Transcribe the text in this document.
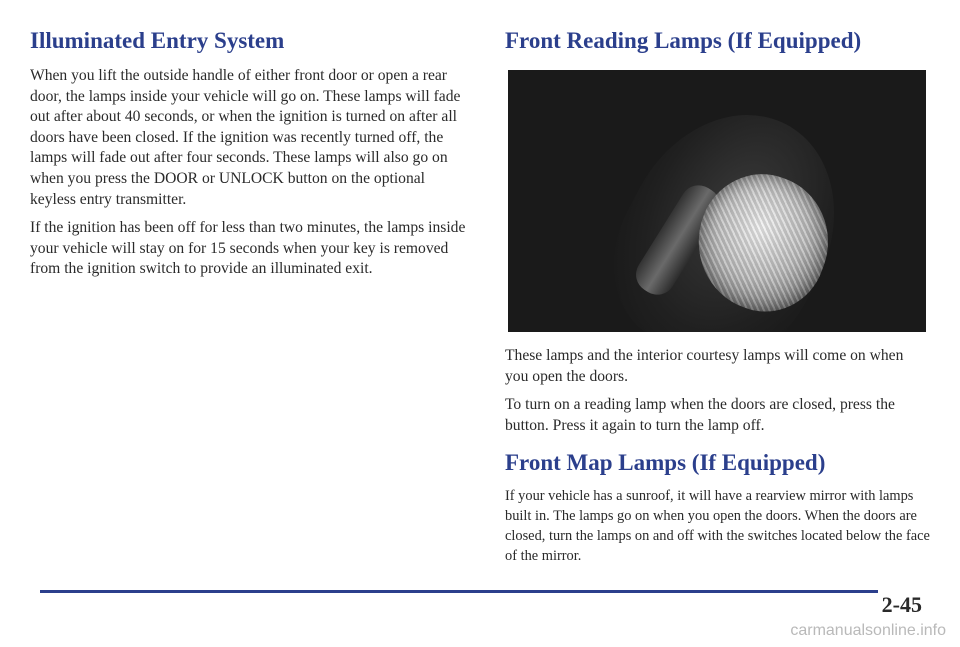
Illuminated Entry System

When you lift the outside handle of either front door or open a rear door, the lamps inside your vehicle will go on. These lamps will fade out after about 40 seconds, or when the ignition is turned on after all doors have been closed. If the ignition was recently turned off, the lamps will fade out after four seconds. These lamps will also go on when you press the DOOR or UNLOCK button on the optional keyless entry transmitter.

If the ignition has been off for less than two minutes, the lamps inside your vehicle will stay on for 15 seconds when your key is removed from the ignition switch to provide an illuminated exit.

Front Reading Lamps (If Equipped)

These lamps and the interior courtesy lamps will come on when you open the doors.

To turn on a reading lamp when the doors are closed, press the button. Press it again to turn the lamp off.

Front Map Lamps (If Equipped)

If your vehicle has a sunroof, it will have a rearview mirror with lamps built in. The lamps go on when you open the doors. When the doors are closed, turn the lamps on and off with the switches located below the face of the mirror.

2-45
carmanualsonline.info
